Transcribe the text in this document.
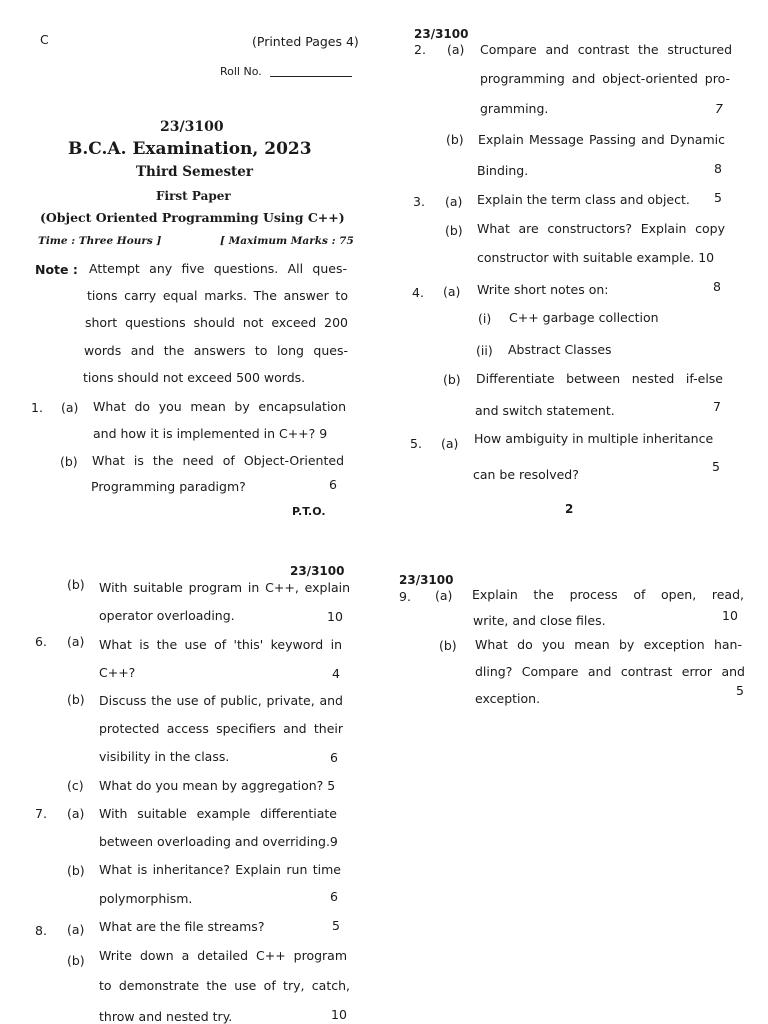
C	(Printed Pages 4)
Roll No.
23/3100
B.C.A. Examination, 2023
Third Semester
First Paper
(Object Oriented Programming Using C++)
Time : Three Hours ]	[ Maximum Marks : 75
Note : Attempt any five questions. All ques-
tions carry equal marks. The answer to
short questions should not exceed 200
words and the answers to long ques-
tions should not exceed 500 words.
1. (a) What do you mean by encapsulation
and how it is implemented in C++? 9
(b) What is the need of Object-Oriented
Programming paradigm?	6
P.T.O.
23/3100
2. (a) Compare and contrast the structured
programming and object-oriented pro-
gramming.	7
(b) Explain Message Passing and Dynamic
Binding.	8
3. (a) Explain the term class and object. 5
(b) What are constructors? Explain copy
constructor with suitable example. 10
4. (a) Write short notes on:	8
(i) C++ garbage collection
(ii) Abstract Classes
(b) Differentiate between nested if-else
and switch statement.	7
5. (a) How ambiguity in multiple inheritance
can be resolved?
5
2
23/3100
(b) With suitable program in C++, explain
operator overloading.	10
6. (a) What is the use of 'this' keyword in
C++?	4
(b) Discuss the use of public, private, and
protected access specifiers and their
visibility in the class.	6
(c) What do you mean by aggregation? 5
7. (a) With suitable example differentiate
between overloading and overriding.9
(b) What is inheritance? Explain run time
polymorphism.	6
8. (a) What are the file streams?	5
(b) Write down a detailed C++ program
to demonstrate the use of try, catch,
throw and nested try.	10
23/3100
9. (a) Explain the process of open, read,
write, and close files.	10
(b) What do you mean by exception han-
dling? Compare and contrast error and
exception.
5
